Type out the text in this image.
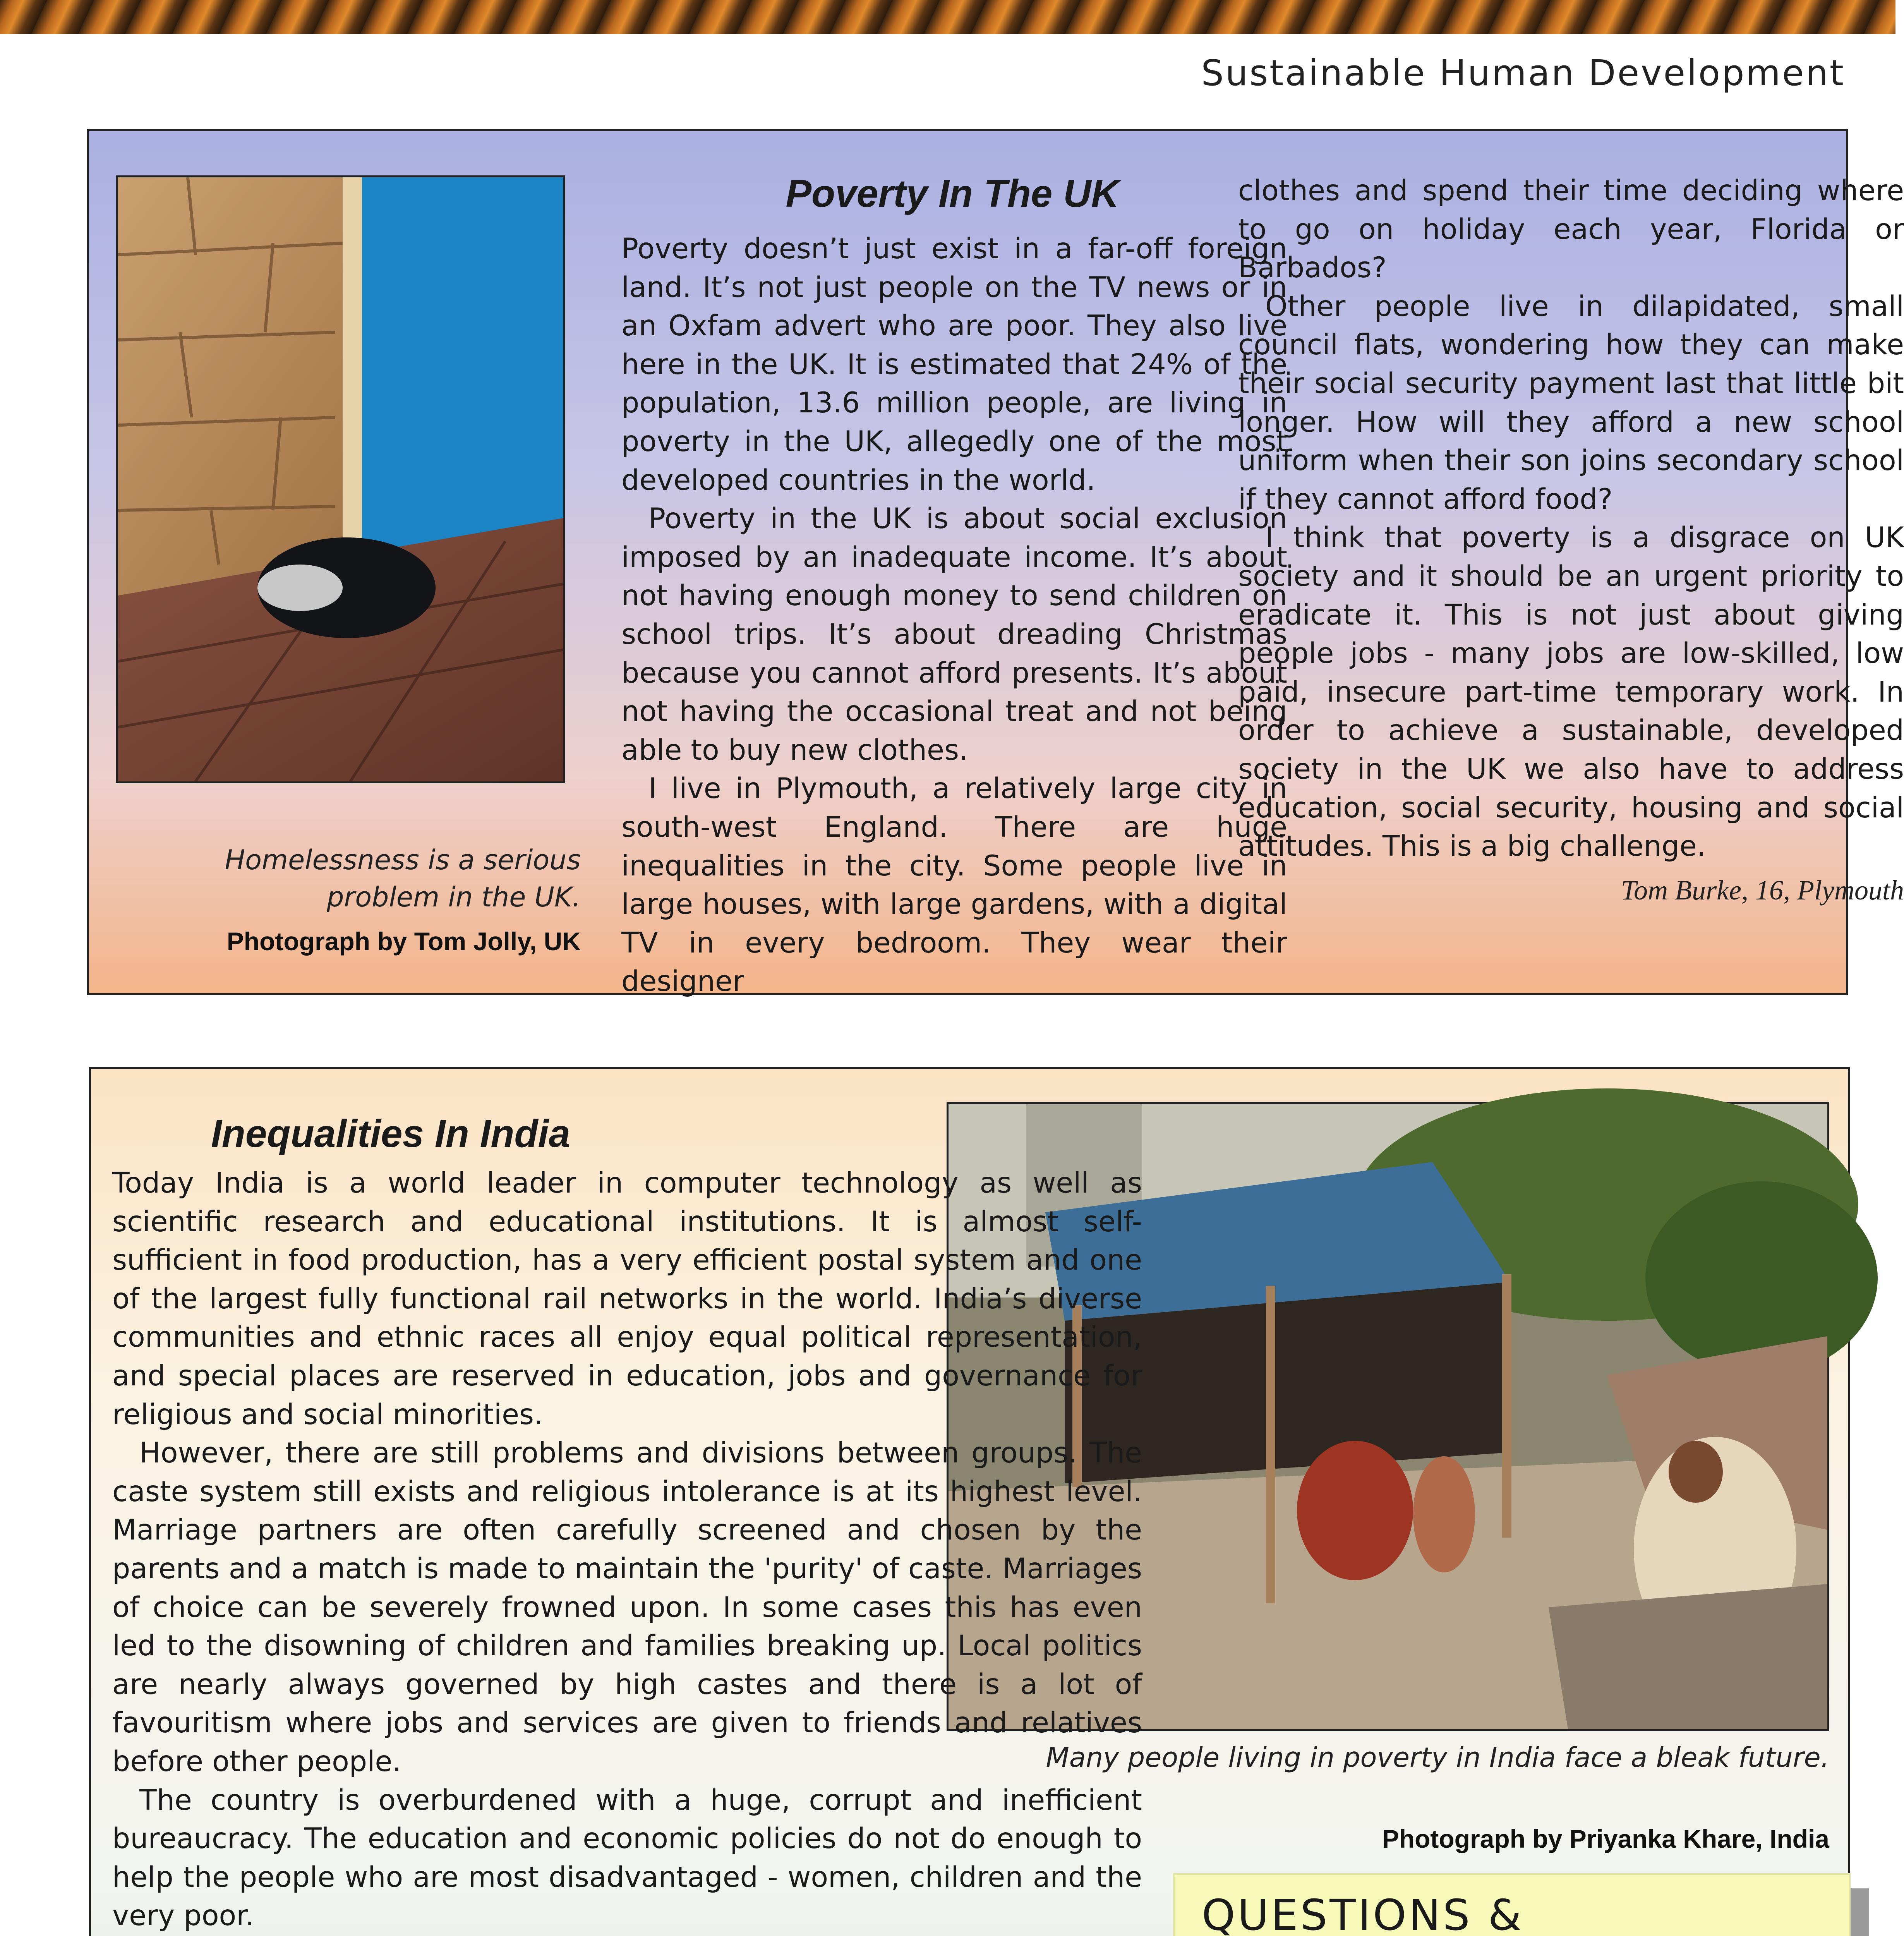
Sustainable Human Development
Homelessness is a serious problem in the UK.
Photograph by Tom Jolly, UK
Poverty In The UK

Poverty doesn’t just exist in a far-off foreign land. It’s not just people on the TV news or in an Oxfam advert who are poor. They also live here in the UK. It is estimated that 24% of the population, 13.6 million people, are living in poverty in the UK, allegedly one of the most developed countries in the world.

Poverty in the UK is about social exclusion imposed by an inadequate income. It’s about not having enough money to send children on school trips. It’s about dreading Christmas because you cannot afford presents. It’s about not having the occasional treat and not being able to buy new clothes.

I live in Plymouth, a relatively large city in south-west England. There are huge inequalities in the city. Some people live in large houses, with large gardens, with a digital TV in every bedroom. They wear their designer

clothes and spend their time deciding where to go on holiday each year, Florida or Barbados?

Other people live in dilapidated, small council flats, wondering how they can make their social security payment last that little bit longer. How will they afford a new school uniform when their son joins secondary school if they cannot afford food?

I think that poverty is a disgrace on UK society and it should be an urgent priority to eradicate it. This is not just about giving people jobs - many jobs are low-skilled, low paid, insecure part-time temporary work. In order to achieve a sustainable, developed society in the UK we also have to address education, social security, housing and social attitudes. This is a big challenge.

Tom Burke, 16, Plymouth
Inequalities In India
Many people living in poverty in India face a bleak future.
Photograph by Priyanka Khare, India

Today India is a world leader in computer technology as well as scientific research and educational institutions. It is almost self-sufficient in food production, has a very efficient postal system and one of the largest fully functional rail networks in the world. India’s diverse communities and ethnic races all enjoy equal political representation, and special places are reserved in education, jobs and governance for religious and social minorities.

However, there are still problems and divisions between groups. The caste system still exists and religious intolerance is at its highest level. Marriage partners are often carefully screened and chosen by the parents and a match is made to maintain the 'purity' of caste. Marriages of choice can be severely frowned upon. In some cases this has even led to the disowning of children and families breaking up. Local politics are nearly always governed by high castes and there is a lot of favouritism where jobs and services are given to friends and relatives before other people.

The country is overburdened with a huge, corrupt and inefficient bureaucracy. The education and economic policies do not do enough to help the people who are most disadvantaged - women, children and the very poor.	QUESTIONS &
